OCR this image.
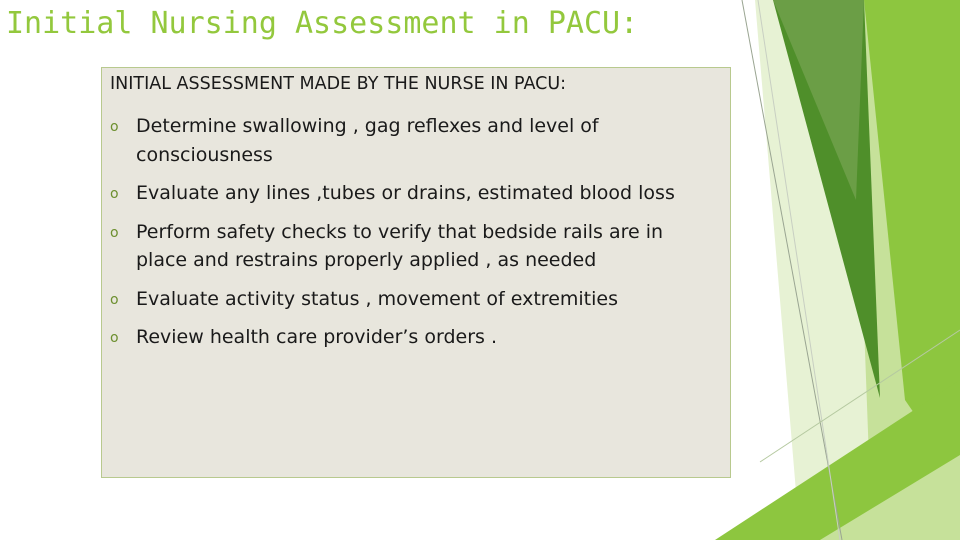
Initial Nursing Assessment in PACU:
INITIAL ASSESSMENT MADE BY THE NURSE IN PACU:
o Determine swallowing , gag reflexes and level of consciousness
o Evaluate any lines ,tubes or drains, estimated blood loss
o Perform safety checks to verify that bedside rails are in place and restrains properly applied , as needed
o Evaluate activity status , movement of extremities
o Review health care provider’s orders .
